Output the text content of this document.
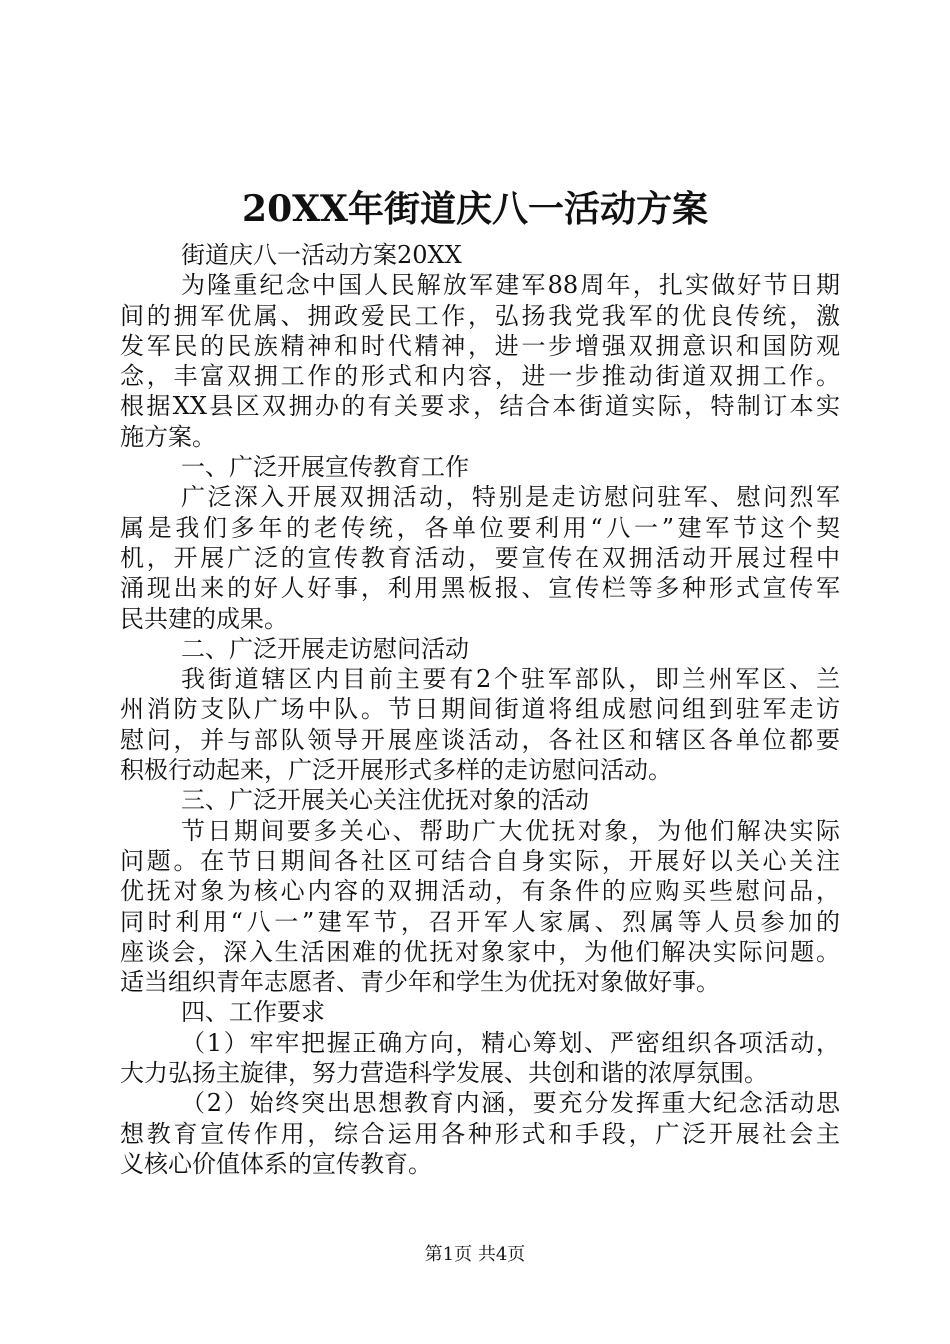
20XX年街道庆八一活动方案
街道庆八一活动方案20XX
为隆重纪念中国人民解放军建军88周年，扎实做好节日期
间的拥军优属、拥政爱民工作，弘扬我党我军的优良传统，激
发军民的民族精神和时代精神，进一步增强双拥意识和国防观
念，丰富双拥工作的形式和内容，进一步推动街道双拥工作。
根据XX县区双拥办的有关要求，结合本街道实际，特制订本实
施方案。
一、广泛开展宣传教育工作
广泛深入开展双拥活动，特别是走访慰问驻军、慰问烈军
属是我们多年的老传统，各单位要利用“八一”建军节这个契
机，开展广泛的宣传教育活动，要宣传在双拥活动开展过程中
涌现出来的好人好事，利用黑板报、宣传栏等多种形式宣传军
民共建的成果。
二、广泛开展走访慰问活动
我街道辖区内目前主要有2个驻军部队，即兰州军区、兰
州消防支队广场中队。节日期间街道将组成慰问组到驻军走访
慰问，并与部队领导开展座谈活动，各社区和辖区各单位都要
积极行动起来，广泛开展形式多样的走访慰问活动。
三、广泛开展关心关注优抚对象的活动
节日期间要多关心、帮助广大优抚对象，为他们解决实际
问题。在节日期间各社区可结合自身实际，开展好以关心关注
优抚对象为核心内容的双拥活动，有条件的应购买些慰问品，
同时利用“八一”建军节，召开军人家属、烈属等人员参加的
座谈会，深入生活困难的优抚对象家中，为他们解决实际问题。
适当组织青年志愿者、青少年和学生为优抚对象做好事。
四、工作要求
（1）牢牢把握正确方向，精心筹划、严密组织各项活动，
大力弘扬主旋律，努力营造科学发展、共创和谐的浓厚氛围。
（2）始终突出思想教育内涵，要充分发挥重大纪念活动思
想教育宣传作用，综合运用各种形式和手段，广泛开展社会主
义核心价值体系的宣传教育。
第1页 共4页
